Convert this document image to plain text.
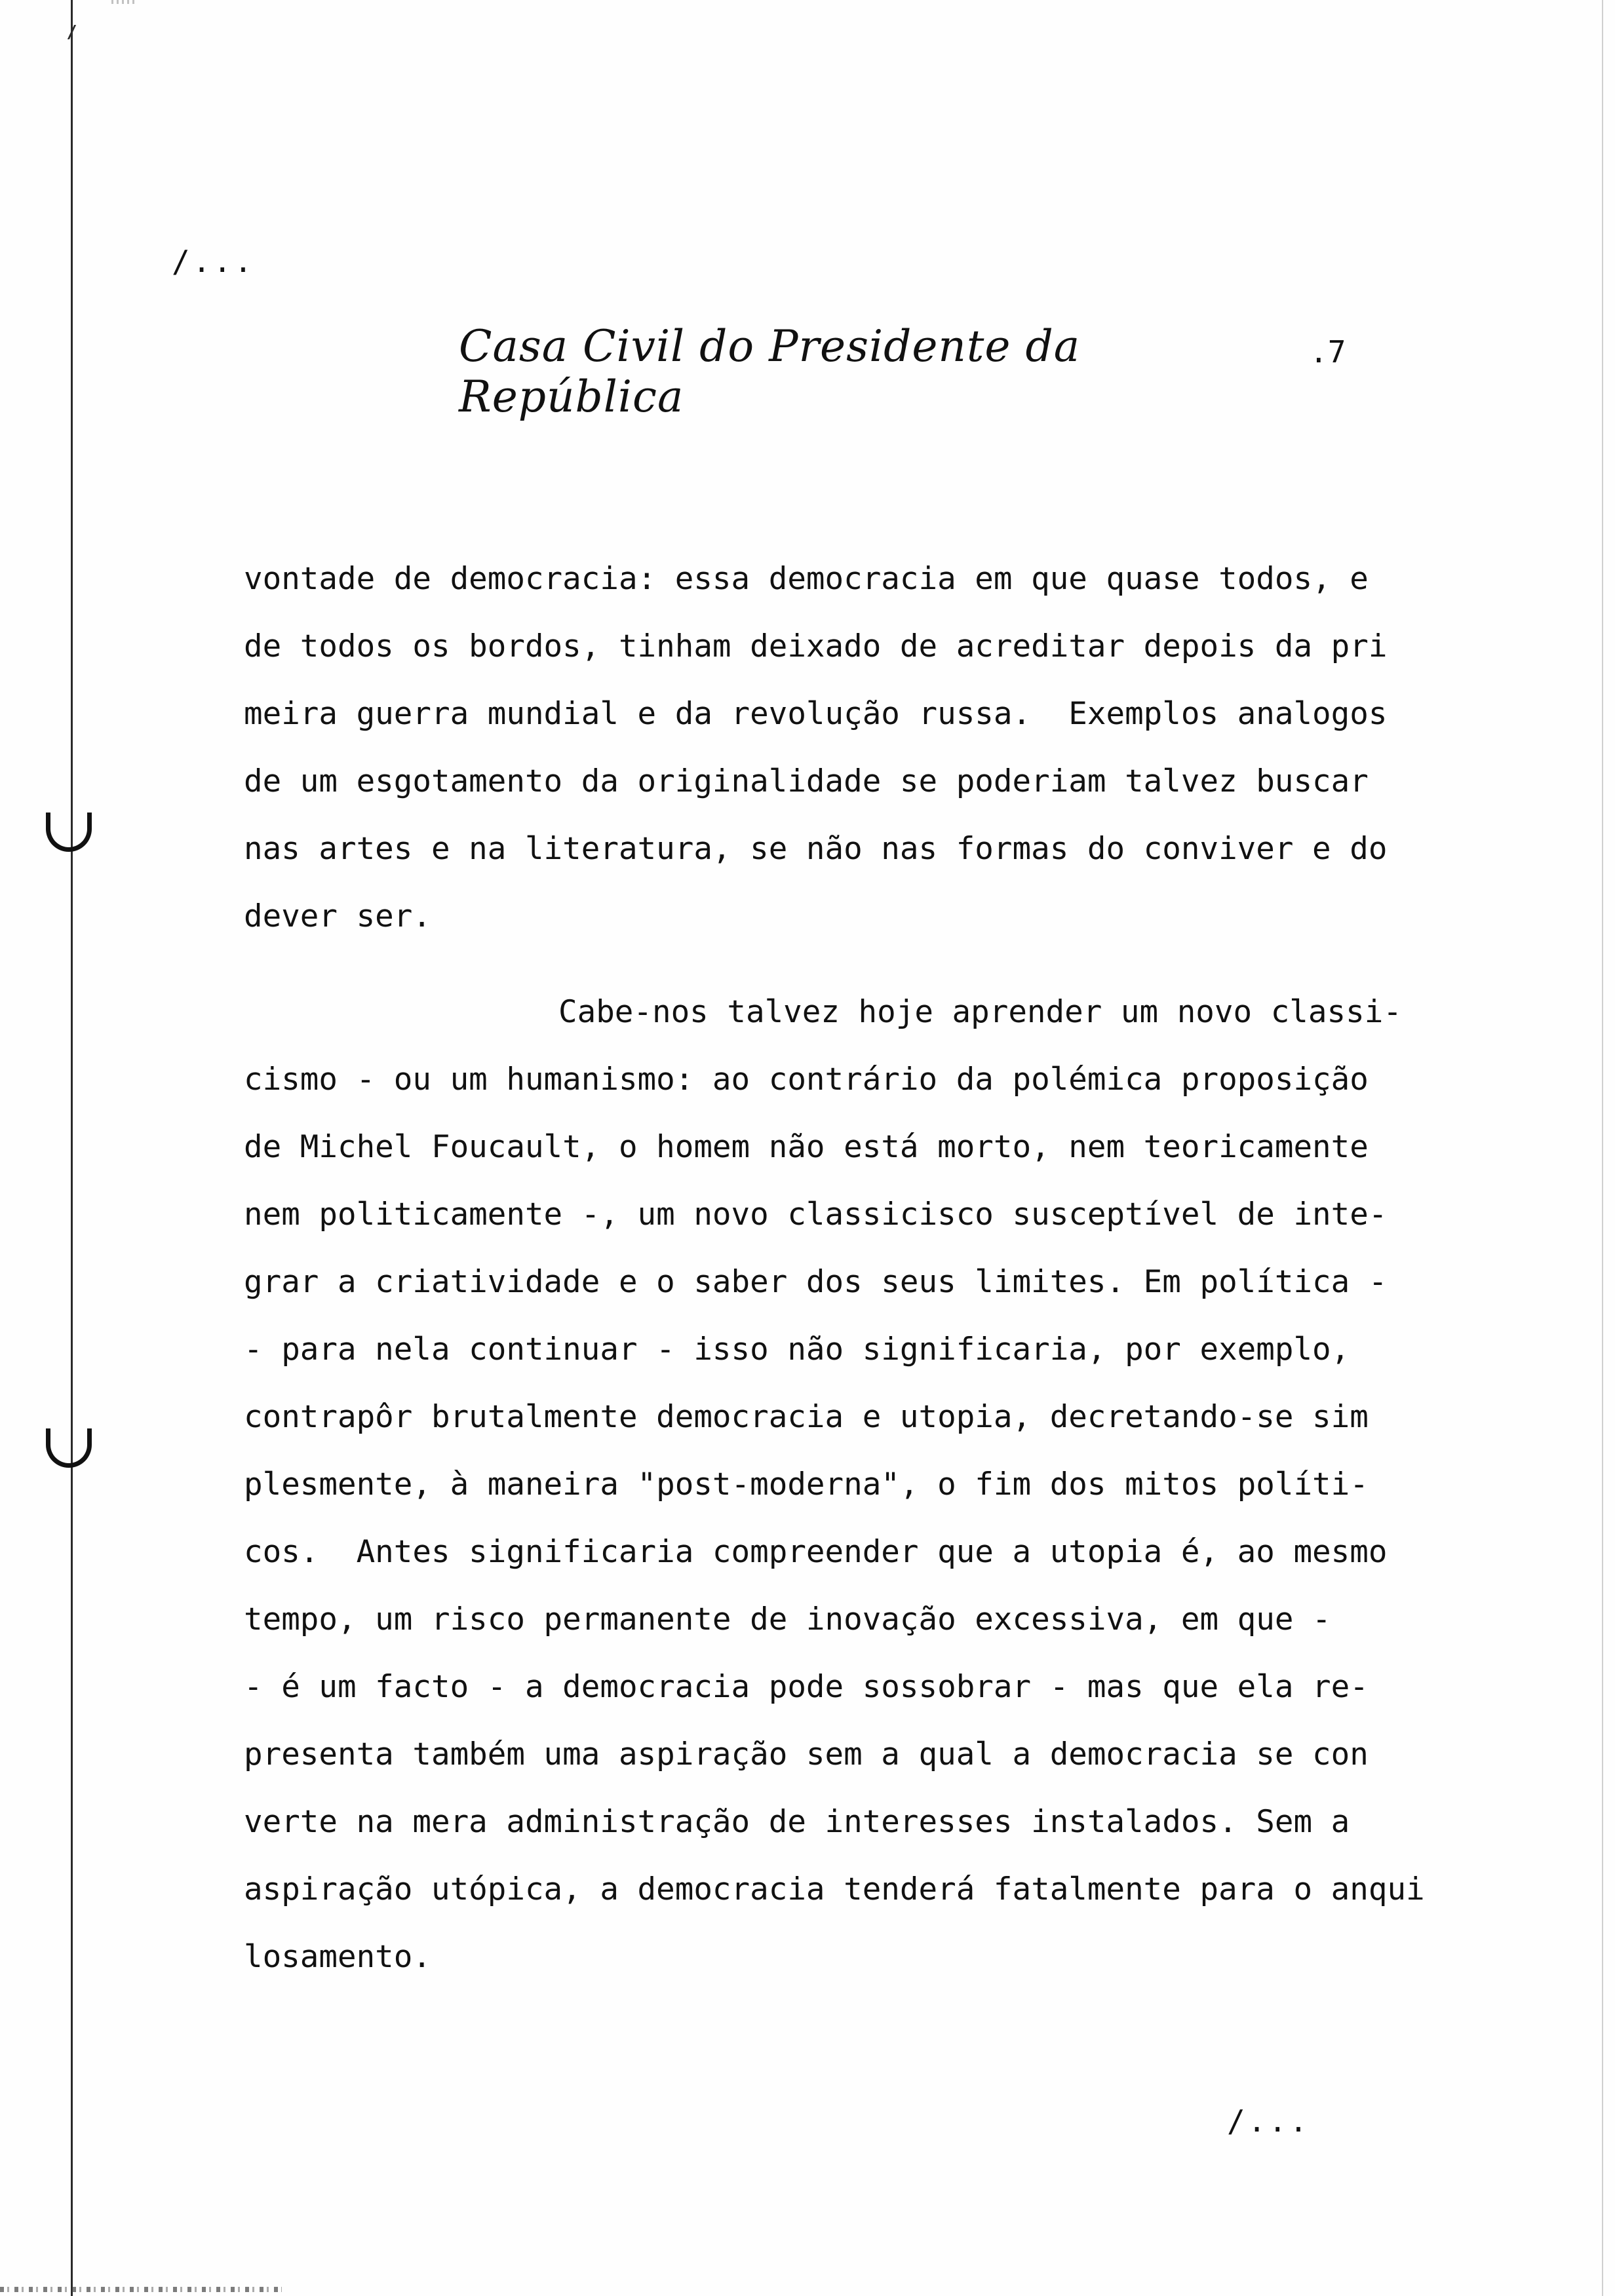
/...
Casa Civil do Presidente da República
.7
vontade de democracia: essa democracia em que quase todos, e
de todos os bordos, tinham deixado de acreditar depois da pri
meira guerra mundial e da revolução russa.  Exemplos analogos
de um esgotamento da originalidade se poderiam talvez buscar
nas artes e na literatura, se não nas formas do conviver e do
dever ser.
Cabe-nos talvez hoje aprender um novo classi-
cismo - ou um humanismo: ao contrário da polémica proposição
de Michel Foucault, o homem não está morto, nem teoricamente
nem politicamente -, um novo classicisco susceptível de inte-
grar a criatividade e o saber dos seus limites. Em política -
- para nela continuar - isso não significaria, por exemplo,
contrapôr brutalmente democracia e utopia, decretando-se sim
plesmente, à maneira "post-moderna", o fim dos mitos políti-
cos.  Antes significaria compreender que a utopia é, ao mesmo
tempo, um risco permanente de inovação excessiva, em que -
- é um facto - a democracia pode sossobrar - mas que ela re-
presenta também uma aspiração sem a qual a democracia se con
verte na mera administração de interesses instalados. Sem a
aspiração utópica, a democracia tenderá fatalmente para o anqui
losamento.
/...
